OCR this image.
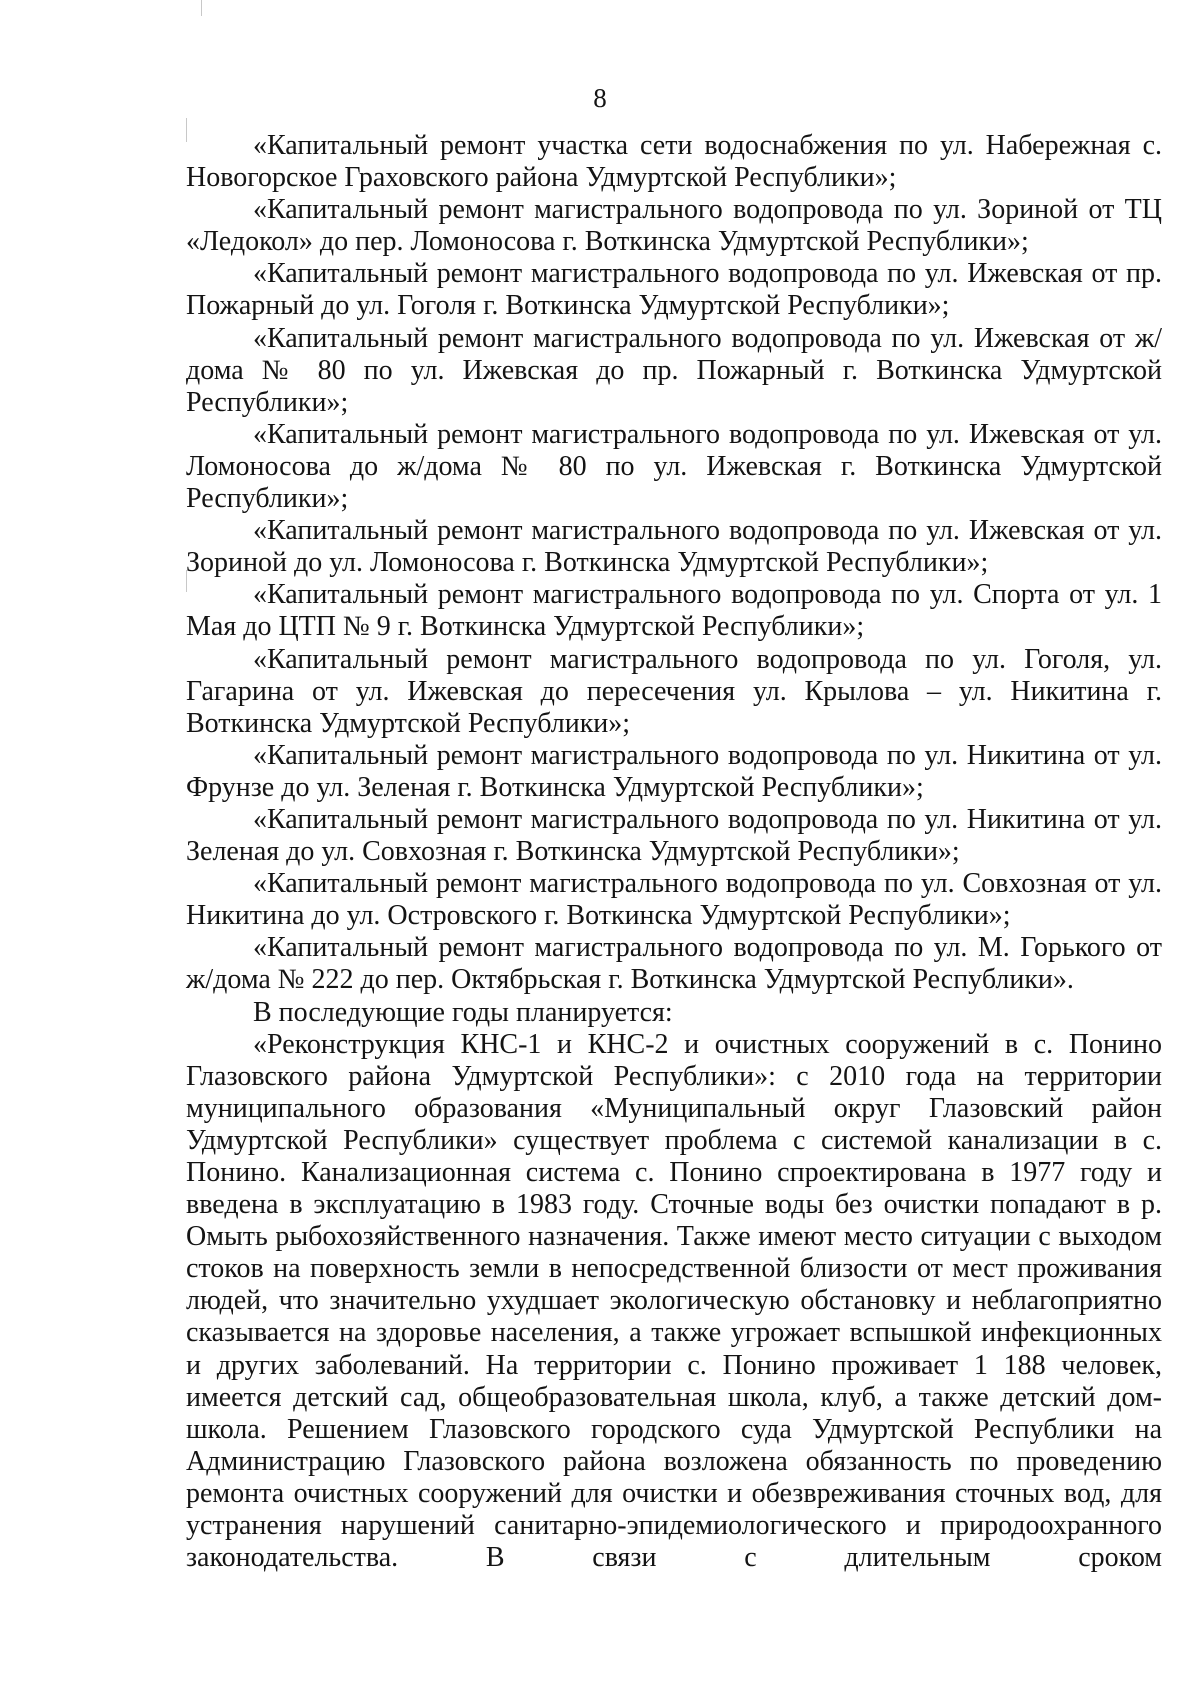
8

«Капитальный ремонт участка сети водоснабжения по ул. Набережная с. Новогорское Граховского района Удмуртской Республики»;

«Капитальный ремонт магистрального водопровода по ул. Зориной от ТЦ «Ледокол» до пер. Ломоносова г. Воткинска Удмуртской Республики»;

«Капитальный ремонт магистрального водопровода по ул. Ижевская от пр. Пожарный до ул. Гоголя г. Воткинска Удмуртской Республики»;

«Капитальный ремонт магистрального водопровода по ул. Ижевская от ж/дома № 80 по ул. Ижевская до пр. Пожарный г. Воткинска Удмуртской Республики»;

«Капитальный ремонт магистрального водопровода по ул. Ижевская от ул. Ломоносова до ж/дома № 80 по ул. Ижевская г. Воткинска Удмуртской Республики»;

«Капитальный ремонт магистрального водопровода по ул. Ижевская от ул. Зориной до ул. Ломоносова г. Воткинска Удмуртской Республики»;

«Капитальный ремонт магистрального водопровода по ул. Спорта от ул. 1 Мая до ЦТП № 9 г. Воткинска Удмуртской Республики»;

«Капитальный ремонт магистрального водопровода по ул. Гоголя, ул. Гагарина от ул. Ижевская до пересечения ул. Крылова – ул. Никитина г. Воткинска Удмуртской Республики»;

«Капитальный ремонт магистрального водопровода по ул. Никитина от ул. Фрунзе до ул. Зеленая г. Воткинска Удмуртской Республики»;

«Капитальный ремонт магистрального водопровода по ул. Никитина от ул. Зеленая до ул. Совхозная г. Воткинска Удмуртской Республики»;

«Капитальный ремонт магистрального водопровода по ул. Совхозная от ул. Никитина до ул. Островского г. Воткинска Удмуртской Республики»;

«Капитальный ремонт магистрального водопровода по ул. М. Горького от ж/дома № 222 до пер. Октябрьская г. Воткинска Удмуртской Республики».

В последующие годы планируется:

«Реконструкция КНС-1 и КНС-2 и очистных сооружений в с. Понино Глазовского района Удмуртской Республики»: с 2010 года на территории муниципального образования «Муниципальный округ Глазовский район Удмуртской Республики» существует проблема с системой канализации в с. Понино. Канализационная система с. Понино спроектирована в 1977 году и введена в эксплуатацию в 1983 году. Сточные воды без очистки попадают в р. Омыть рыбохозяйственного назначения. Также имеют место ситуации с выходом стоков на поверхность земли в непосредственной близости от мест проживания людей, что значительно ухудшает экологическую обстановку и неблагоприятно сказывается на здоровье населения, а также угрожает вспышкой инфекционных и других заболеваний. На территории с. Понино проживает 1 188 человек, имеется детский сад, общеобразовательная школа, клуб, а также детский дом-школа. Решением Глазовского городского суда Удмуртской Республики на Администрацию Глазовского района возложена обязанность по проведению ремонта очистных сооружений для очистки и обезвреживания сточных вод, для устранения нарушений санитарно-эпидемиологического и природоохранного законодательства. В связи с длительным сроком
